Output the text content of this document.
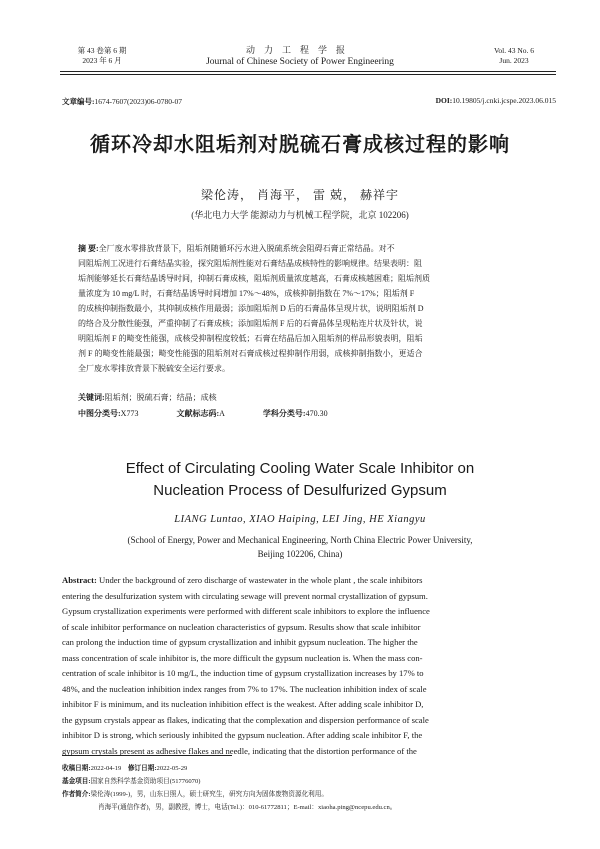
第 43 卷第 6 期
2023 年 6 月
动力工程学报
Journal of Chinese Society of Power Engineering
Vol. 43 No. 6
Jun. 2023
文章编号:1674-7607(2023)06-0780-07	DOI:10.19805/j.cnki.jcspe.2023.06.015
循环冷却水阻垢剂对脱硫石膏成核过程的影响
梁伦涛， 肖海平， 雷 兢， 赫祥宇
(华北电力大学 能源动力与机械工程学院，北京 102206)
摘 要:全厂废水零排放背景下，阻垢剂随循环污水进入脱硫系统会阻碍石膏正常结晶。对不
同阻垢剂工况进行石膏结晶实验，探究阻垢剂性能对石膏结晶成核特性的影响规律。结果表明：阻
垢剂能够延长石膏结晶诱导时间，抑制石膏成核，阻垢剂质量浓度越高，石膏成核越困难；阻垢剂质
量浓度为 10 mg/L 时，石膏结晶诱导时间增加 17%～48%，成核抑制指数在 7%～17%；阻垢剂 F
的成核抑制指数最小，其抑制成核作用最弱；添加阻垢剂 D 后的石膏晶体呈现片状，说明阻垢剂 D
的络合及分散性能强，严重抑制了石膏成核；添加阻垢剂 F 后的石膏晶体呈现粘连片状及针状，说
明阻垢剂 F 的畸变性能强，成核受抑制程度较低；石膏在结晶后加入阻垢剂的样品形貌表明，阻垢
剂 F 的畸变性能最强；畸变性能强的阻垢剂对石膏成核过程抑制作用弱，成核抑制指数小，更适合
全厂废水零排放背景下脱硫安全运行要求。
关键词:阻垢剂；脱硫石膏；结晶；成核
中图分类号:X773	文献标志码:A	学科分类号:470.30
Effect of Circulating Cooling Water Scale Inhibitor on
Nucleation Process of Desulfurized Gypsum
LIANG Luntao, XIAO Haiping, LEI Jing, HE Xiangyu
(School of Energy, Power and Mechanical Engineering, North China Electric Power University,
Beijing 102206, China)
Abstract: Under the background of zero discharge of wastewater in the whole plant , the scale inhibitors
entering the desulfurization system with circulating sewage will prevent normal crystallization of gypsum.
Gypsum crystallization experiments were performed with different scale inhibitors to explore the influence
of scale inhibitor performance on nucleation characteristics of gypsum. Results show that scale inhibitor
can prolong the induction time of gypsum crystallization and inhibit gypsum nucleation. The higher the
mass concentration of scale inhibitor is, the more difficult the gypsum nucleation is. When the mass con-
centration of scale inhibitor is 10 mg/L, the induction time of gypsum crystallization increases by 17% to
48%, and the nucleation inhibition index ranges from 7% to 17%. The nucleation inhibition index of scale
inhibitor F is minimum, and its nucleation inhibition effect is the weakest. After adding scale inhibitor D,
the gypsum crystals appear as flakes, indicating that the complexation and dispersion performance of scale
inhibitor D is strong, which seriously inhibited the gypsum nucleation. After adding scale inhibitor F, the
gypsum crystals present as adhesive flakes and needle, indicating that the distortion performance of the
收稿日期:2022-04-19 修订日期:2022-05-29
基金项目:国家自然科学基金资助项目(51776070)
作者简介:梁伦涛(1999-)，男，山东日照人，硕士研究生，研究方向为固体废物资源化利用。
肖海平(通信作者)，男，副教授，博士，电话(Tel.)：010-61772811；E-mail：xiaoha.ping@ncepu.edu.cn。
